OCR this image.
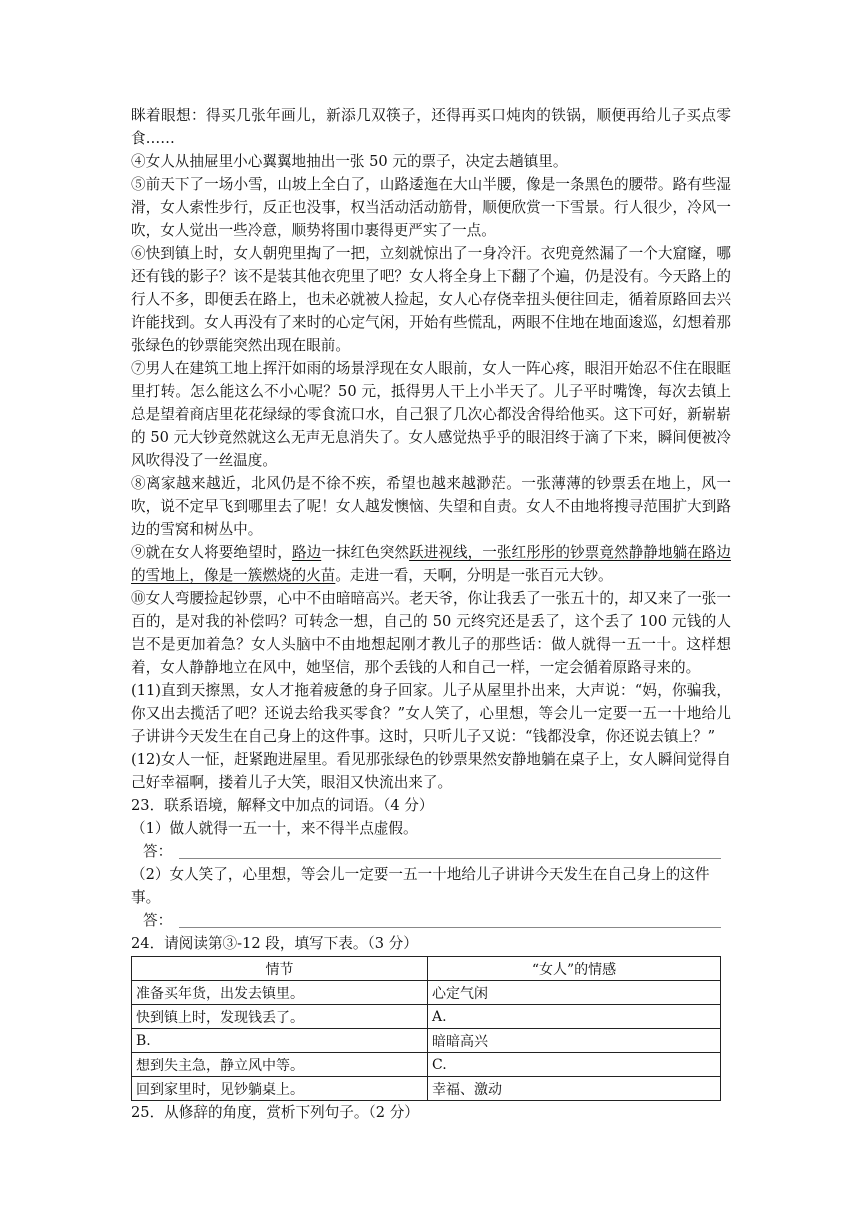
眯着眼想：得买几张年画儿，新添几双筷子，还得再买口炖肉的铁锅，顺便再给儿子买点零食……

④女人从抽屉里小心翼翼地抽出一张 50 元的票子，决定去趟镇里。

⑤前天下了一场小雪，山坡上全白了，山路逶迤在大山半腰，像是一条黑色的腰带。路有些湿滑，女人索性步行，反正也没事，权当活动活动筋骨，顺便欣赏一下雪景。行人很少，冷风一吹，女人觉出一些冷意，顺势将围巾裹得更严实了一点。

⑥快到镇上时，女人朝兜里掏了一把，立刻就惊出了一身冷汗。衣兜竟然漏了一个大窟窿，哪还有钱的影子？该不是装其他衣兜里了吧？女人将全身上下翻了个遍，仍是没有。今天路上的行人不多，即便丢在路上，也未必就被人捡起，女人心存侥幸扭头便往回走，循着原路回去兴许能找到。女人再没有了来时的心定气闲，开始有些慌乱，两眼不住地在地面逡巡，幻想着那张绿色的钞票能突然出现在眼前。

⑦男人在建筑工地上挥汗如雨的场景浮现在女人眼前，女人一阵心疼，眼泪开始忍不住在眼眶里打转。怎么能这么不小心呢？50 元，抵得男人干上小半天了。儿子平时嘴馋，每次去镇上总是望着商店里花花绿绿的零食流口水，自己狠了几次心都没舍得给他买。这下可好，新崭崭的 50 元大钞竟然就这么无声无息消失了。女人感觉热乎乎的眼泪终于滴了下来，瞬间便被冷风吹得没了一丝温度。

⑧离家越来越近，北风仍是不徐不疾，希望也越来越渺茫。一张薄薄的钞票丢在地上，风一吹，说不定早飞到哪里去了呢！女人越发懊恼、失望和自责。女人不由地将搜寻范围扩大到路边的雪窝和树丛中。

⑨就在女人将要绝望时，路边一抹红色突然跃进视线，一张红彤彤的钞票竟然静静地躺在路边的雪地上，像是一簇燃烧的火苗。走进一看，天啊，分明是一张百元大钞。

⑩女人弯腰捡起钞票，心中不由暗暗高兴。老天爷，你让我丢了一张五十的，却又来了一张一百的，是对我的补偿吗？可转念一想，自己的 50 元终究还是丢了，这个丢了 100 元钱的人岂不是更加着急？女人头脑中不由地想起刚才教儿子的那些话：做人就得一五一十。这样想着，女人静静地立在风中，她坚信，那个丢钱的人和自己一样，一定会循着原路寻来的。

(11)直到天擦黑，女人才拖着疲惫的身子回家。儿子从屋里扑出来，大声说：“妈，你骗我，你又出去揽活了吧？还说去给我买零食？”女人笑了，心里想，等会儿一定要一五一十地给儿子讲讲今天发生在自己身上的这件事。这时，只听儿子又说：“钱都没拿，你还说去镇上？”

(12)女人一怔，赶紧跑进屋里。看见那张绿色的钞票果然安静地躺在桌子上，女人瞬间觉得自己好幸福啊，搂着儿子大笑，眼泪又快流出来了。

23．联系语境，解释文中加点的词语。（4 分）

（1）做人就得一五一十，来不得半点虚假。

答：

（2）女人笑了，心里想，等会儿一定要一五一十地给儿子讲讲今天发生在自己身上的这件事。

答：

24．请阅读第③-12 段，填写下表。（3 分）

情节	“女人”的情感
准备买年货，出发去镇里。	心定气闲
快到镇上时，发现钱丢了。	A.
B.	暗暗高兴
想到失主急，静立风中等。	C.
回到家里时，见钞躺桌上。	幸福、激动

25．从修辞的角度，赏析下列句子。（2 分）
